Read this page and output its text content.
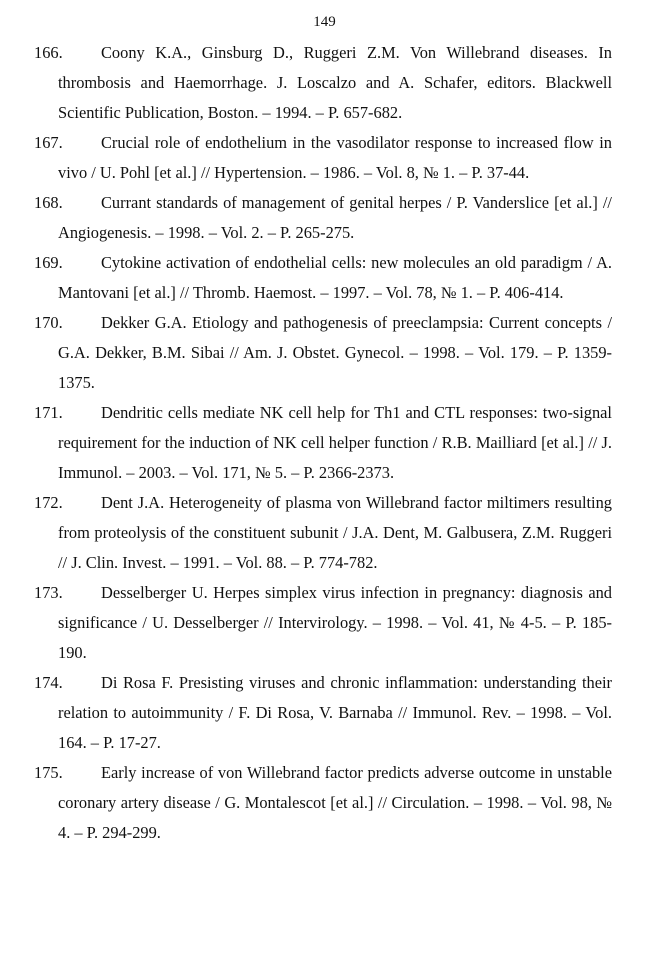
149
166. Coony K.A., Ginsburg D., Ruggeri Z.M. Von Willebrand diseases. In thrombosis and Haemorrhage. J. Loscalzo and A. Schafer, editors. Blackwell Scientific Publication, Boston. – 1994. – P. 657-682.
167. Crucial role of endothelium in the vasodilator response to increased flow in vivo / U. Pohl [et al.] // Hypertension. – 1986. – Vol. 8, № 1. – P. 37-44.
168. Currant standards of management of genital herpes / P. Vanderslice [et al.] // Angiogenesis. – 1998. – Vol. 2. – P. 265-275.
169. Cytokine activation of endothelial cells: new molecules an old paradigm / A. Mantovani [et al.] // Thromb. Haemost. – 1997. – Vol. 78, № 1. – P. 406-414.
170. Dekker G.A. Etiology and pathogenesis of preeclampsia: Current concepts / G.A. Dekker, B.M. Sibai // Am. J. Obstet. Gynecol. – 1998. – Vol. 179. – P. 1359-1375.
171. Dendritic cells mediate NK cell help for Th1 and CTL responses: two-signal requirement for the induction of NK cell helper function / R.B. Mailliard [et al.] // J. Immunol. – 2003. – Vol. 171, № 5. – P. 2366-2373.
172. Dent J.A. Heterogeneity of plasma von Willebrand factor miltimers resulting from proteolysis of the constituent subunit / J.A. Dent, M. Galbusera, Z.M. Ruggeri // J. Clin. Invest. – 1991. – Vol. 88. – P. 774-782.
173. Desselberger U. Herpes simplex virus infection in pregnancy: diagnosis and significance / U. Desselberger // Intervirology. – 1998. – Vol. 41, № 4-5. – P. 185-190.
174. Di Rosa F. Presisting viruses and chronic inflammation: understanding their relation to autoimmunity / F. Di Rosa, V. Barnaba // Immunol. Rev. – 1998. – Vol. 164. – P. 17-27.
175. Early increase of von Willebrand factor predicts adverse outcome in unstable coronary artery disease / G. Montalescot [et al.] // Circulation. – 1998. – Vol. 98, № 4. – P. 294-299.
